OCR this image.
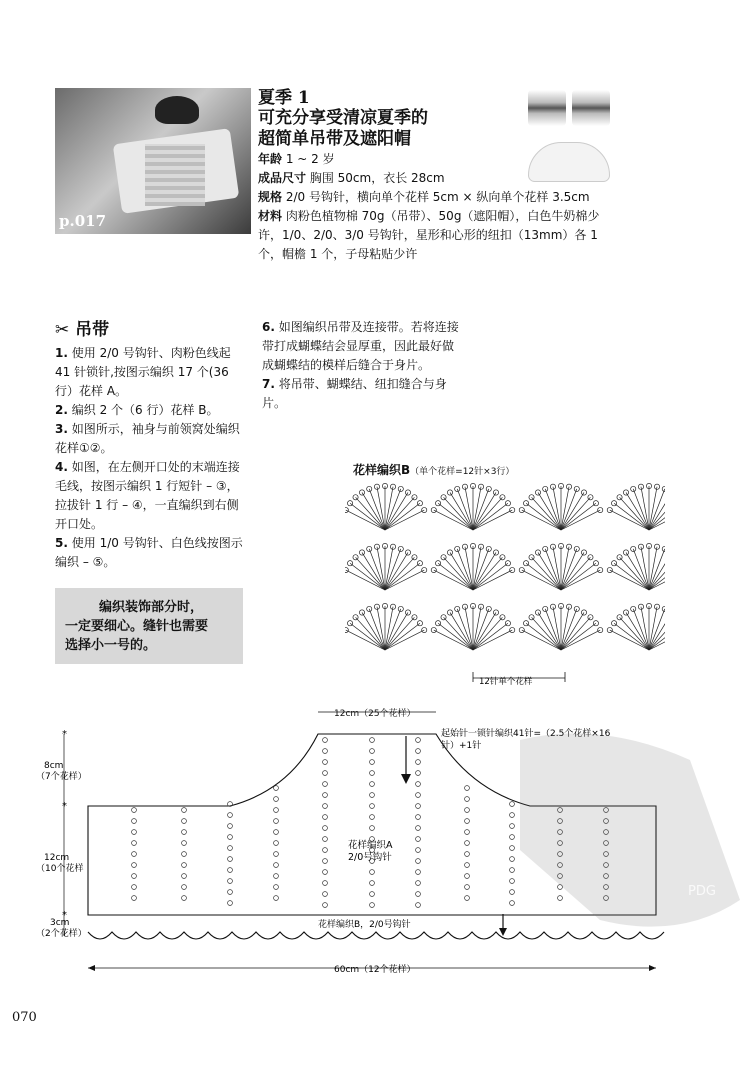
p.017
夏季 1
可充分享受清凉夏季的
超简单吊带及遮阳帽
年龄 1 ~ 2 岁
成品尺寸 胸围 50cm，衣长 28cm
规格 2/0 号钩针，横向单个花样 5cm × 纵向单个花样 3.5cm
材料 肉粉色植物棉 70g（吊带）、50g（遮阳帽），白色牛奶棉少许，1/0、2/0、3/0 号钩针，星形和心形的纽扣（13mm）各 1 个，帽檐 1 个，子母粘贴少许
✂ 吊带
1. 使用 2/0 号钩针、肉粉色线起 41 针锁针,按图示编织 17 个(36 行）花样 A。
2. 编织 2 个（6 行）花样 B。
3. 如图所示，袖身与前领窝处编织花样①②。
4. 如图，在左侧开口处的末端连接毛线，按图示编织 1 行短针 – ③，拉拔针 1 行 – ④，一直编织到右侧开口处。
5. 使用 1/0 号钩针、白色线按图示编织 – ⑤。
编织装饰部分时，
一定要细心。缝针也需要
选择小一号的。
6. 如图编织吊带及连接带。若将连接带打成蝴蝶结会显厚重，因此最好做成蝴蝶结的模样后缝合于身片。
7. 将吊带、蝴蝶结、纽扣缝合与身片。
花样编织B（单个花样=12针×3行）
12针单个花样
12cm（25个花样）
起始针一锁针编织41针=（2.5个花样×16
针）+1针
*
*
*
8cm
（7个花样）
12cm
（10个花样
3cm
（2个花样）
花样编织A
2/0号钩针
花样编织B，2/0号钩针
60cm（12个花样）
PDG
070
